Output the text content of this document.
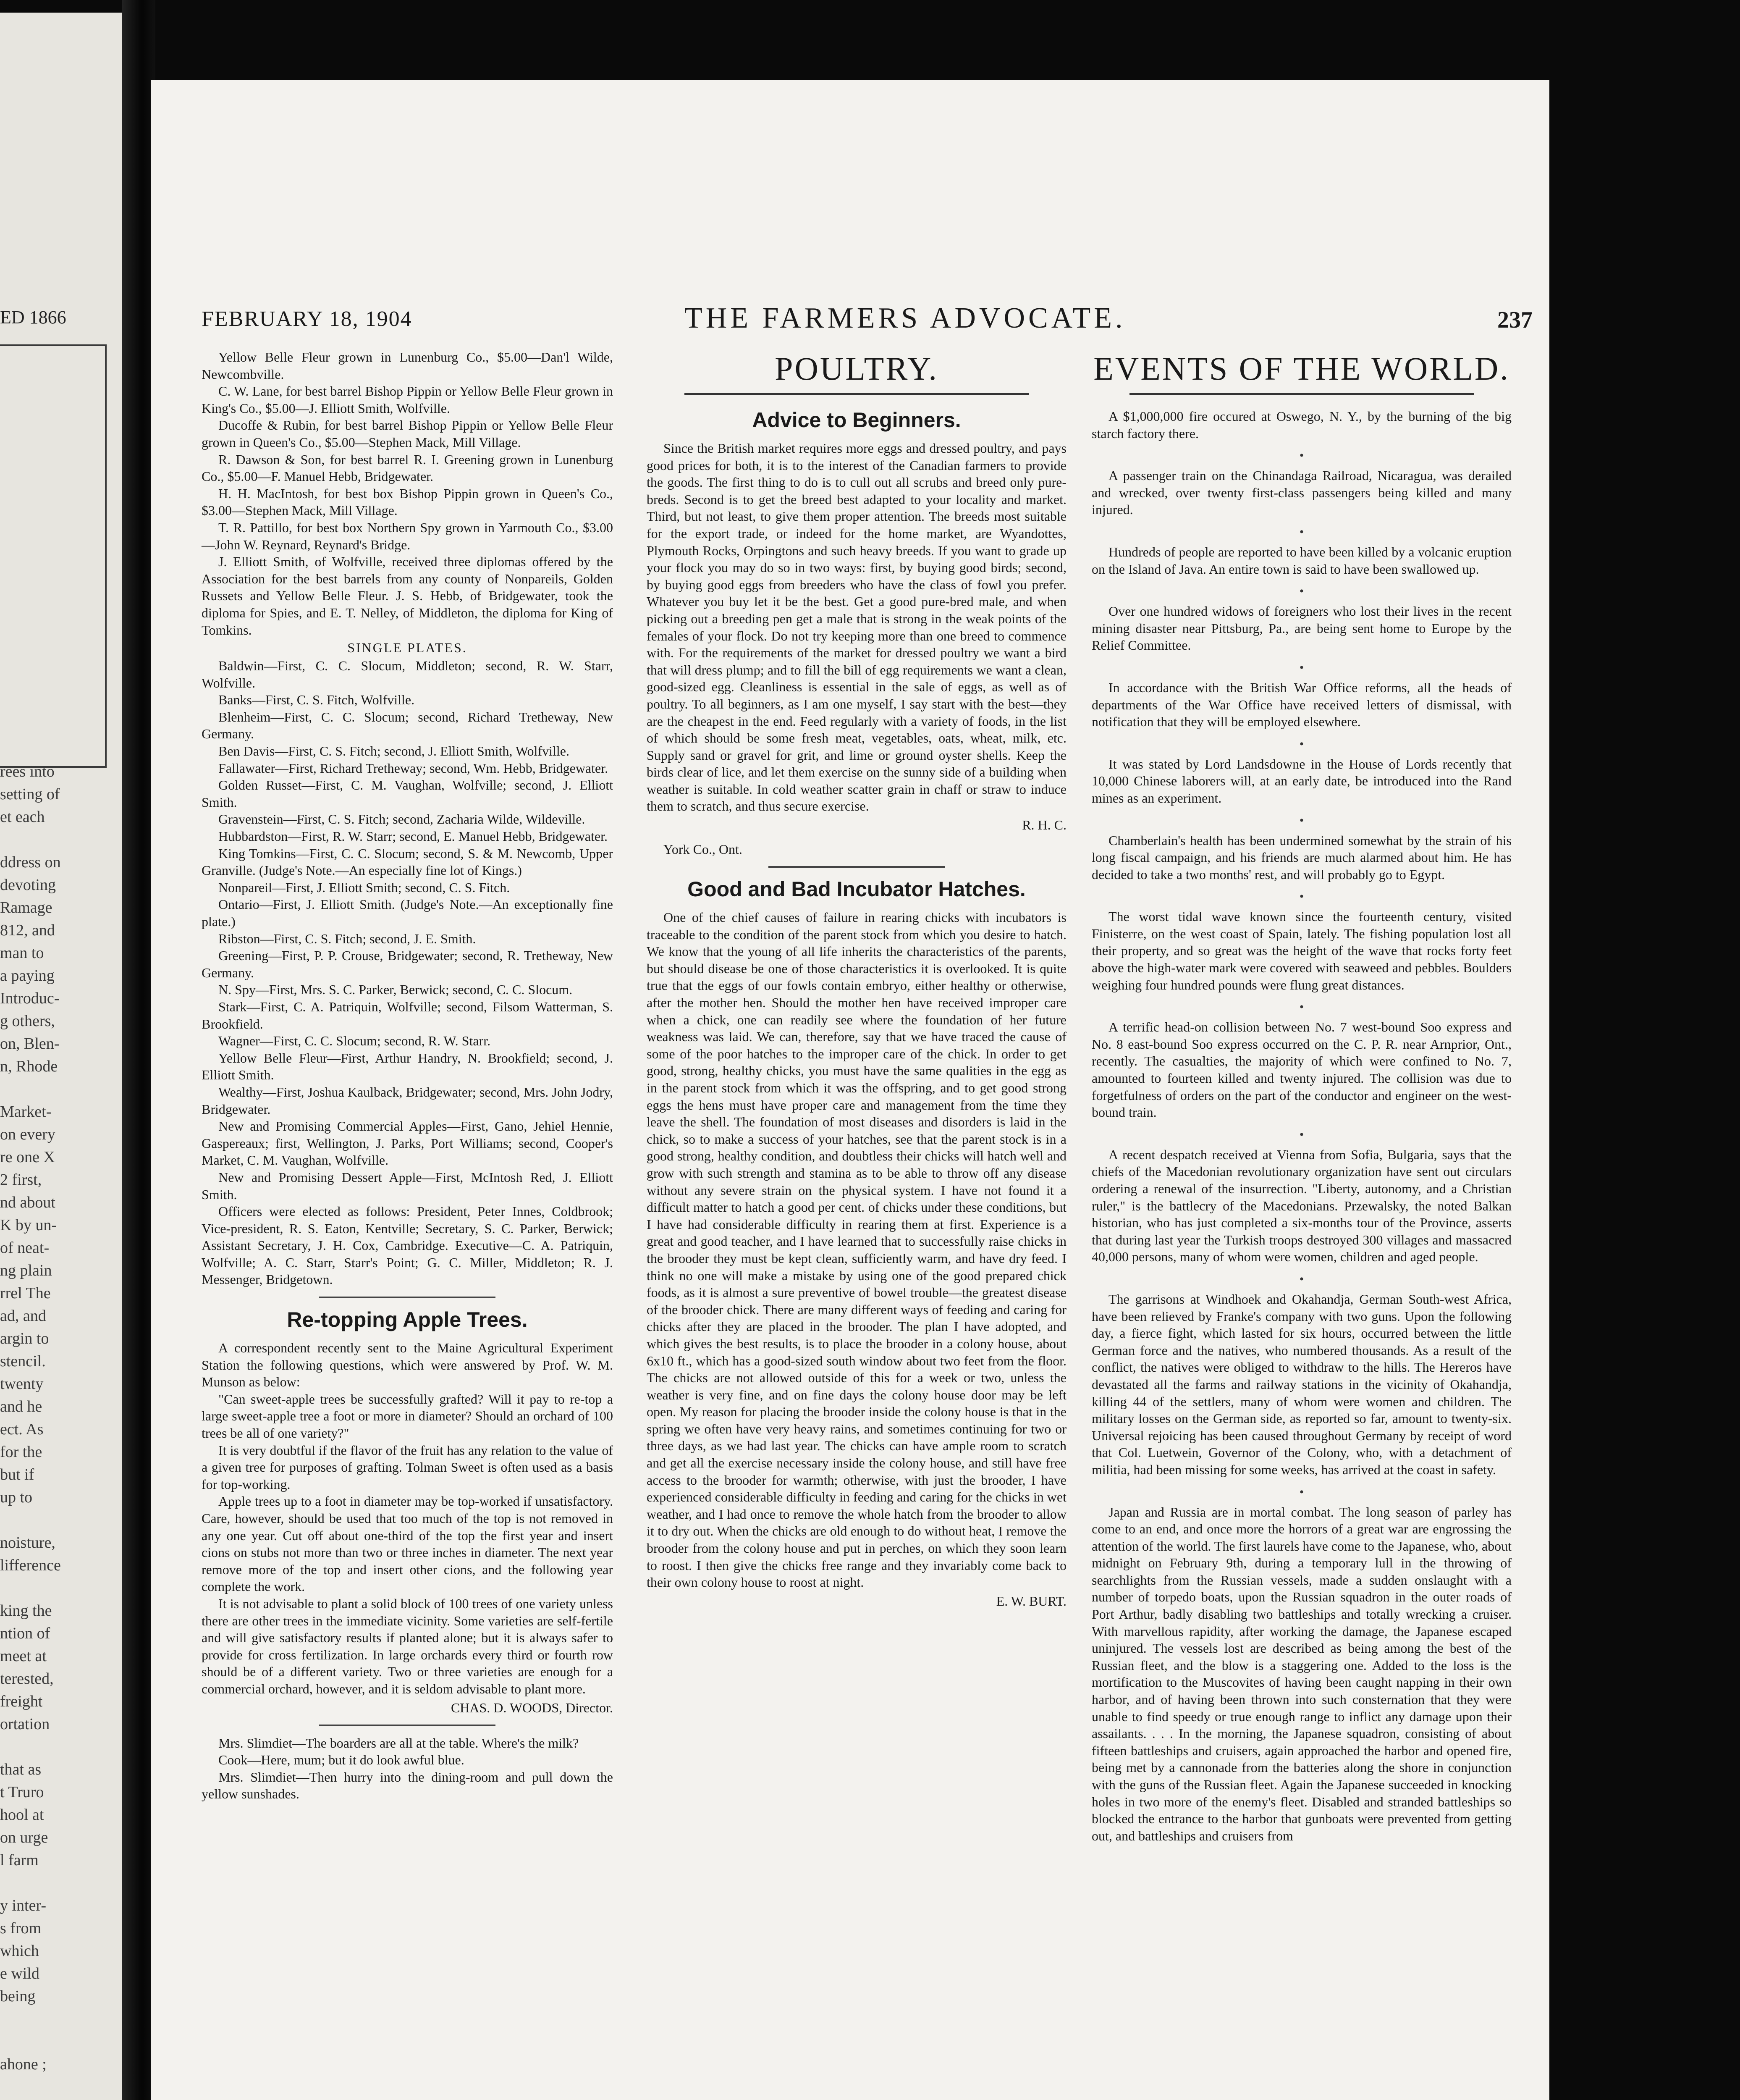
ED 1866
rees into
setting of
et each

ddress on
devoting
Ramage
812, and
man to
a paying
Introduc-
g others,
on, Blen-
n, Rhode

Market-
on every
re one X
2 first,
nd about
K by un-
of neat-
ng plain
rrel The
ad, and
argin to
stencil.
twenty
and he
ect. As
for the
but if
up to

noisture,
lifference

king the
ntion of
meet at
terested,
freight
ortation

that as
t Truro
hool at
on urge
l farm

y inter-
s from
which
e wild
being

ahone ;

FEBRUARY 18, 1904	THE FARMERS ADVOCATE.	237

Yellow Belle Fleur grown in Lunenburg Co., $5.00—Dan'l Wilde, Newcombville.

C. W. Lane, for best barrel Bishop Pippin or Yellow Belle Fleur grown in King's Co., $5.00—J. Elliott Smith, Wolfville.

Ducoffe & Rubin, for best barrel Bishop Pippin or Yellow Belle Fleur grown in Queen's Co., $5.00—Stephen Mack, Mill Village.

R. Dawson & Son, for best barrel R. I. Greening grown in Lunenburg Co., $5.00—F. Manuel Hebb, Bridgewater.

H. H. MacIntosh, for best box Bishop Pippin grown in Queen's Co., $3.00—Stephen Mack, Mill Village.

T. R. Pattillo, for best box Northern Spy grown in Yarmouth Co., $3.00—John W. Reynard, Reynard's Bridge.

J. Elliott Smith, of Wolfville, received three diplomas offered by the Association for the best barrels from any county of Nonpareils, Golden Russets and Yellow Belle Fleur. J. S. Hebb, of Bridgewater, took the diploma for Spies, and E. T. Nelley, of Middleton, the diploma for King of Tomkins.

SINGLE PLATES.

Baldwin—First, C. C. Slocum, Middleton; second, R. W. Starr, Wolfville.

Banks—First, C. S. Fitch, Wolfville.

Blenheim—First, C. C. Slocum; second, Richard Tretheway, New Germany.

Ben Davis—First, C. S. Fitch; second, J. Elliott Smith, Wolfville.

Fallawater—First, Richard Tretheway; second, Wm. Hebb, Bridgewater.

Golden Russet—First, C. M. Vaughan, Wolfville; second, J. Elliott Smith.

Gravenstein—First, C. S. Fitch; second, Zacharia Wilde, Wildeville.

Hubbardston—First, R. W. Starr; second, E. Manuel Hebb, Bridgewater.

King Tomkins—First, C. C. Slocum; second, S. & M. Newcomb, Upper Granville. (Judge's Note.—An especially fine lot of Kings.)

Nonpareil—First, J. Elliott Smith; second, C. S. Fitch.

Ontario—First, J. Elliott Smith. (Judge's Note.—An exceptionally fine plate.)

Ribston—First, C. S. Fitch; second, J. E. Smith.

Greening—First, P. P. Crouse, Bridgewater; second, R. Tretheway, New Germany.

N. Spy—First, Mrs. S. C. Parker, Berwick; second, C. C. Slocum.

Stark—First, C. A. Patriquin, Wolfville; second, Filsom Watterman, S. Brookfield.

Wagner—First, C. C. Slocum; second, R. W. Starr.

Yellow Belle Fleur—First, Arthur Handry, N. Brookfield; second, J. Elliott Smith.

Wealthy—First, Joshua Kaulback, Bridgewater; second, Mrs. John Jodry, Bridgewater.

New and Promising Commercial Apples—First, Gano, Jehiel Hennie, Gaspereaux; first, Wellington, J. Parks, Port Williams; second, Cooper's Market, C. M. Vaughan, Wolfville.

New and Promising Dessert Apple—First, McIntosh Red, J. Elliott Smith.

Officers were elected as follows: President, Peter Innes, Coldbrook; Vice-president, R. S. Eaton, Kentville; Secretary, S. C. Parker, Berwick; Assistant Secretary, J. H. Cox, Cambridge. Executive—C. A. Patriquin, Wolfville; A. C. Starr, Starr's Point; G. C. Miller, Middleton; R. J. Messenger, Bridgetown.

Re-topping Apple Trees.

A correspondent recently sent to the Maine Agricultural Experiment Station the following questions, which were answered by Prof. W. M. Munson as below:

"Can sweet-apple trees be successfully grafted? Will it pay to re-top a large sweet-apple tree a foot or more in diameter? Should an orchard of 100 trees be all of one variety?"

It is very doubtful if the flavor of the fruit has any relation to the value of a given tree for purposes of grafting. Tolman Sweet is often used as a basis for top-working.

Apple trees up to a foot in diameter may be top-worked if unsatisfactory. Care, however, should be used that too much of the top is not removed in any one year. Cut off about one-third of the top the first year and insert cions on stubs not more than two or three inches in diameter. The next year remove more of the top and insert other cions, and the following year complete the work.

It is not advisable to plant a solid block of 100 trees of one variety unless there are other trees in the immediate vicinity. Some varieties are self-fertile and will give satisfactory results if planted alone; but it is always safer to provide for cross fertilization. In large orchards every third or fourth row should be of a different variety. Two or three varieties are enough for a commercial orchard, however, and it is seldom advisable to plant more.

CHAS. D. WOODS, Director.

Mrs. Slimdiet—The boarders are all at the table. Where's the milk?

Cook—Here, mum; but it do look awful blue.

Mrs. Slimdiet—Then hurry into the dining-room and pull down the yellow sunshades.

POULTRY.
Advice to Beginners.

Since the British market requires more eggs and dressed poultry, and pays good prices for both, it is to the interest of the Canadian farmers to provide the goods. The first thing to do is to cull out all scrubs and breed only pure-breds. Second is to get the breed best adapted to your locality and market. Third, but not least, to give them proper attention. The breeds most suitable for the export trade, or indeed for the home market, are Wyandottes, Plymouth Rocks, Orpingtons and such heavy breeds. If you want to grade up your flock you may do so in two ways: first, by buying good birds; second, by buying good eggs from breeders who have the class of fowl you prefer. Whatever you buy let it be the best. Get a good pure-bred male, and when picking out a breeding pen get a male that is strong in the weak points of the females of your flock. Do not try keeping more than one breed to commence with. For the requirements of the market for dressed poultry we want a bird that will dress plump; and to fill the bill of egg requirements we want a clean, good-sized egg. Cleanliness is essential in the sale of eggs, as well as of poultry. To all beginners, as I am one myself, I say start with the best—they are the cheapest in the end. Feed regularly with a variety of foods, in the list of which should be some fresh meat, vegetables, oats, wheat, milk, etc. Supply sand or gravel for grit, and lime or ground oyster shells. Keep the birds clear of lice, and let them exercise on the sunny side of a building when weather is suitable. In cold weather scatter grain in chaff or straw to induce them to scratch, and thus secure exercise.

R. H. C.
York Co., Ont.
Good and Bad Incubator Hatches.

One of the chief causes of failure in rearing chicks with incubators is traceable to the condition of the parent stock from which you desire to hatch. We know that the young of all life inherits the characteristics of the parents, but should disease be one of those characteristics it is overlooked. It is quite true that the eggs of our fowls contain embryo, either healthy or otherwise, after the mother hen. Should the mother hen have received improper care when a chick, one can readily see where the foundation of her future weakness was laid. We can, therefore, say that we have traced the cause of some of the poor hatches to the improper care of the chick. In order to get good, strong, healthy chicks, you must have the same qualities in the egg as in the parent stock from which it was the offspring, and to get good strong eggs the hens must have proper care and management from the time they leave the shell. The foundation of most diseases and disorders is laid in the chick, so to make a success of your hatches, see that the parent stock is in a good strong, healthy condition, and doubtless their chicks will hatch well and grow with such strength and stamina as to be able to throw off any disease without any severe strain on the physical system. I have not found it a difficult matter to hatch a good per cent. of chicks under these conditions, but I have had considerable difficulty in rearing them at first. Experience is a great and good teacher, and I have learned that to successfully raise chicks in the brooder they must be kept clean, sufficiently warm, and have dry feed. I think no one will make a mistake by using one of the good prepared chick foods, as it is almost a sure preventive of bowel trouble—the greatest disease of the brooder chick. There are many different ways of feeding and caring for chicks after they are placed in the brooder. The plan I have adopted, and which gives the best results, is to place the brooder in a colony house, about 6x10 ft., which has a good-sized south window about two feet from the floor. The chicks are not allowed outside of this for a week or two, unless the weather is very fine, and on fine days the colony house door may be left open. My reason for placing the brooder inside the colony house is that in the spring we often have very heavy rains, and sometimes continuing for two or three days, as we had last year. The chicks can have ample room to scratch and get all the exercise necessary inside the colony house, and still have free access to the brooder for warmth; otherwise, with just the brooder, I have experienced considerable difficulty in feeding and caring for the chicks in wet weather, and I had once to remove the whole hatch from the brooder to allow it to dry out. When the chicks are old enough to do without heat, I remove the brooder from the colony house and put in perches, on which they soon learn to roost. I then give the chicks free range and they invariably come back to their own colony house to roost at night.

E. W. BURT.
EVENTS OF THE WORLD.

A $1,000,000 fire occured at Oswego, N. Y., by the burning of the big starch factory there.

•

A passenger train on the Chinandaga Railroad, Nicaragua, was derailed and wrecked, over twenty first-class passengers being killed and many injured.

•

Hundreds of people are reported to have been killed by a volcanic eruption on the Island of Java. An entire town is said to have been swallowed up.

•

Over one hundred widows of foreigners who lost their lives in the recent mining disaster near Pittsburg, Pa., are being sent home to Europe by the Relief Committee.

•

In accordance with the British War Office reforms, all the heads of departments of the War Office have received letters of dismissal, with notification that they will be employed elsewhere.

•

It was stated by Lord Landsdowne in the House of Lords recently that 10,000 Chinese laborers will, at an early date, be introduced into the Rand mines as an experiment.

•

Chamberlain's health has been undermined somewhat by the strain of his long fiscal campaign, and his friends are much alarmed about him. He has decided to take a two months' rest, and will probably go to Egypt.

•

The worst tidal wave known since the fourteenth century, visited Finisterre, on the west coast of Spain, lately. The fishing population lost all their property, and so great was the height of the wave that rocks forty feet above the high-water mark were covered with seaweed and pebbles. Boulders weighing four hundred pounds were flung great distances.

•

A terrific head-on collision between No. 7 west-bound Soo express and No. 8 east-bound Soo express occurred on the C. P. R. near Arnprior, Ont., recently. The casualties, the majority of which were confined to No. 7, amounted to fourteen killed and twenty injured. The collision was due to forgetfulness of orders on the part of the conductor and engineer on the west-bound train.

•

A recent despatch received at Vienna from Sofia, Bulgaria, says that the chiefs of the Macedonian revolutionary organization have sent out circulars ordering a renewal of the insurrection. "Liberty, autonomy, and a Christian ruler," is the battlecry of the Macedonians. Przewalsky, the noted Balkan historian, who has just completed a six-months tour of the Province, asserts that during last year the Turkish troops destroyed 300 villages and massacred 40,000 persons, many of whom were women, children and aged people.

•

The garrisons at Windhoek and Okahandja, German South-west Africa, have been relieved by Franke's company with two guns. Upon the following day, a fierce fight, which lasted for six hours, occurred between the little German force and the natives, who numbered thousands. As a result of the conflict, the natives were obliged to withdraw to the hills. The Hereros have devastated all the farms and railway stations in the vicinity of Okahandja, killing 44 of the settlers, many of whom were women and children. The military losses on the German side, as reported so far, amount to twenty-six. Universal rejoicing has been caused throughout Germany by receipt of word that Col. Luetwein, Governor of the Colony, who, with a detachment of militia, had been missing for some weeks, has arrived at the coast in safety.

•

Japan and Russia are in mortal combat. The long season of parley has come to an end, and once more the horrors of a great war are engrossing the attention of the world. The first laurels have come to the Japanese, who, about midnight on February 9th, during a temporary lull in the throwing of searchlights from the Russian vessels, made a sudden onslaught with a number of torpedo boats, upon the Russian squadron in the outer roads of Port Arthur, badly disabling two battleships and totally wrecking a cruiser. With marvellous rapidity, after working the damage, the Japanese escaped uninjured. The vessels lost are described as being among the best of the Russian fleet, and the blow is a staggering one. Added to the loss is the mortification to the Muscovites of having been caught napping in their own harbor, and of having been thrown into such consternation that they were unable to find speedy or true enough range to inflict any damage upon their assailants. . . . In the morning, the Japanese squadron, consisting of about fifteen battleships and cruisers, again approached the harbor and opened fire, being met by a cannonade from the batteries along the shore in conjunction with the guns of the Russian fleet. Again the Japanese succeeded in knocking holes in two more of the enemy's fleet. Disabled and stranded battleships so blocked the entrance to the harbor that gunboats were prevented from getting out, and battleships and cruisers from
